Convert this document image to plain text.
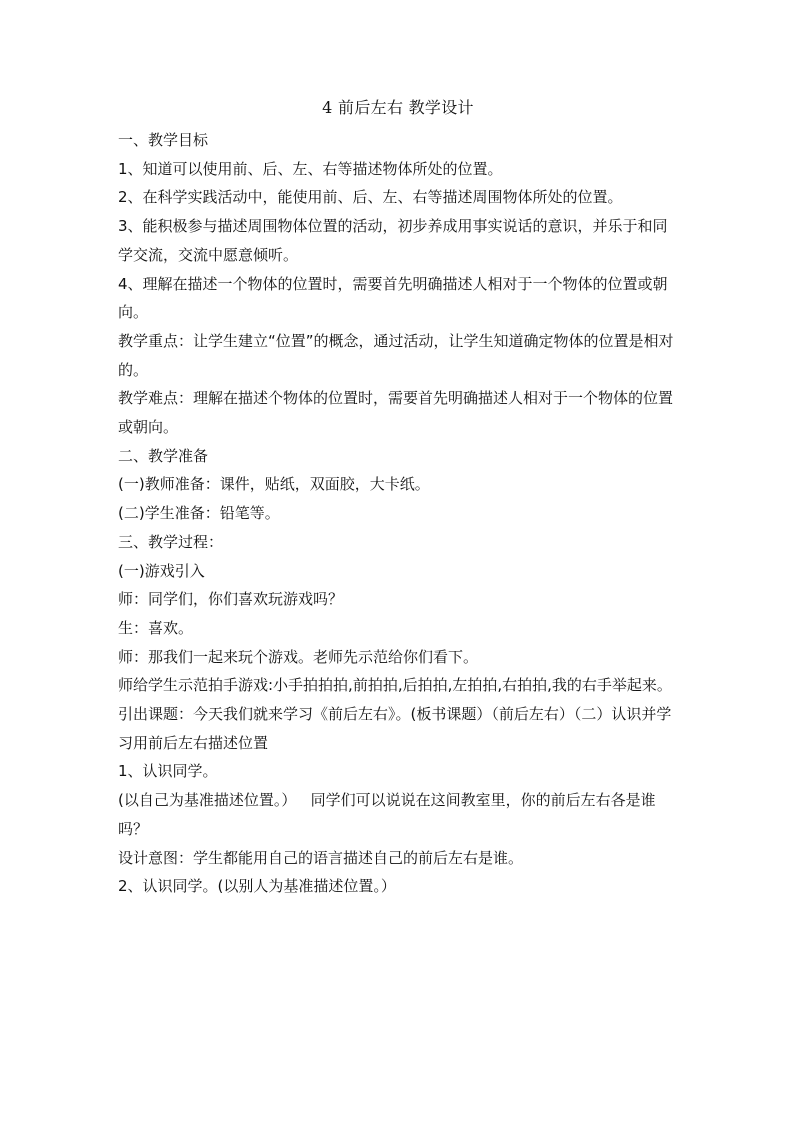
4 前后左右 教学设计
一、教学目标
1、知道可以使用前、后、左、右等描述物体所处的位置。
2、在科学实践活动中，能使用前、后、左、右等描述周围物体所处的位置。
3、能积极参与描述周围物体位置的活动，初步养成用事实说话的意识，并乐于和同学交流，交流中愿意倾听。
4、理解在描述一个物体的位置时，需要首先明确描述人相对于一个物体的位置或朝向。
教学重点：让学生建立“位置”的概念，通过活动，让学生知道确定物体的位置是相对的。
教学难点：理解在描述个物体的位置时，需要首先明确描述人相对于一个物体的位置或朝向。
二、教学准备
(一)教师准备：课件，贴纸，双面胶，大卡纸。
(二)学生准备：铅笔等。
三、教学过程：
(一)游戏引入
师：同学们，你们喜欢玩游戏吗？
生：喜欢。
师：那我们一起来玩个游戏。老师先示范给你们看下。
师给学生示范拍手游戏:小手拍拍拍,前拍拍,后拍拍,左拍拍,右拍拍,我的右手举起来。
引出课题：今天我们就来学习《前后左右》。(板书课题）（前后左右）（二）认识并学习用前后左右描述位置
1、认识同学。
(以自己为基准描述位置。）   同学们可以说说在这间教室里，你的前后左右各是谁吗？
设计意图：学生都能用自己的语言描述自己的前后左右是谁。
2、认识同学。(以别人为基准描述位置。）
